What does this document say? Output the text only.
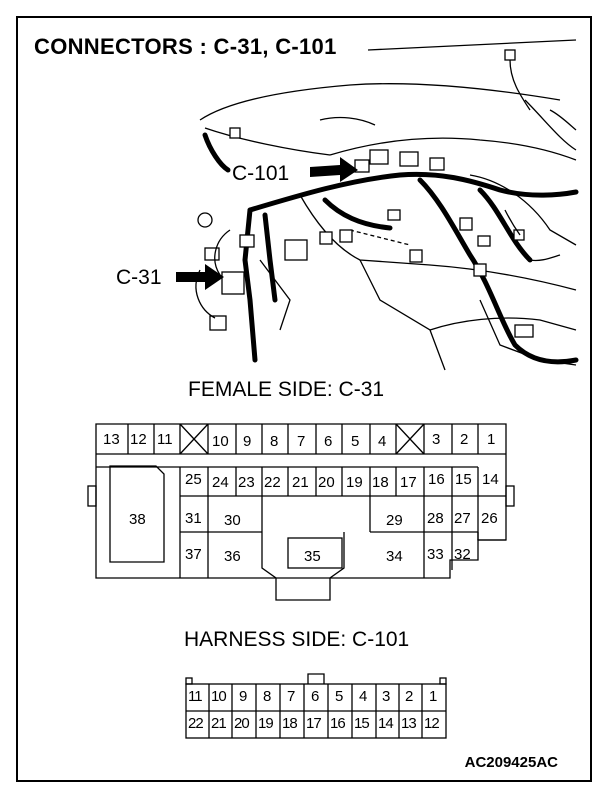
CONNECTORS : C-31, C-101
C-101
C-31
FEMALE SIDE: C-31
13 12 11	10 9 8 7 6 5 4	3 2 1
25 24 23 22 21 20 19 18 17 16 15 14
38	31 30	29 28 27 26
37 36	35	34 33 32
HARNESS SIDE: C-101
11 10 9 8 7 6 5 4 3 2 1
22 21 20 19 18 17 16 15 14 13 12
AC209425AC
